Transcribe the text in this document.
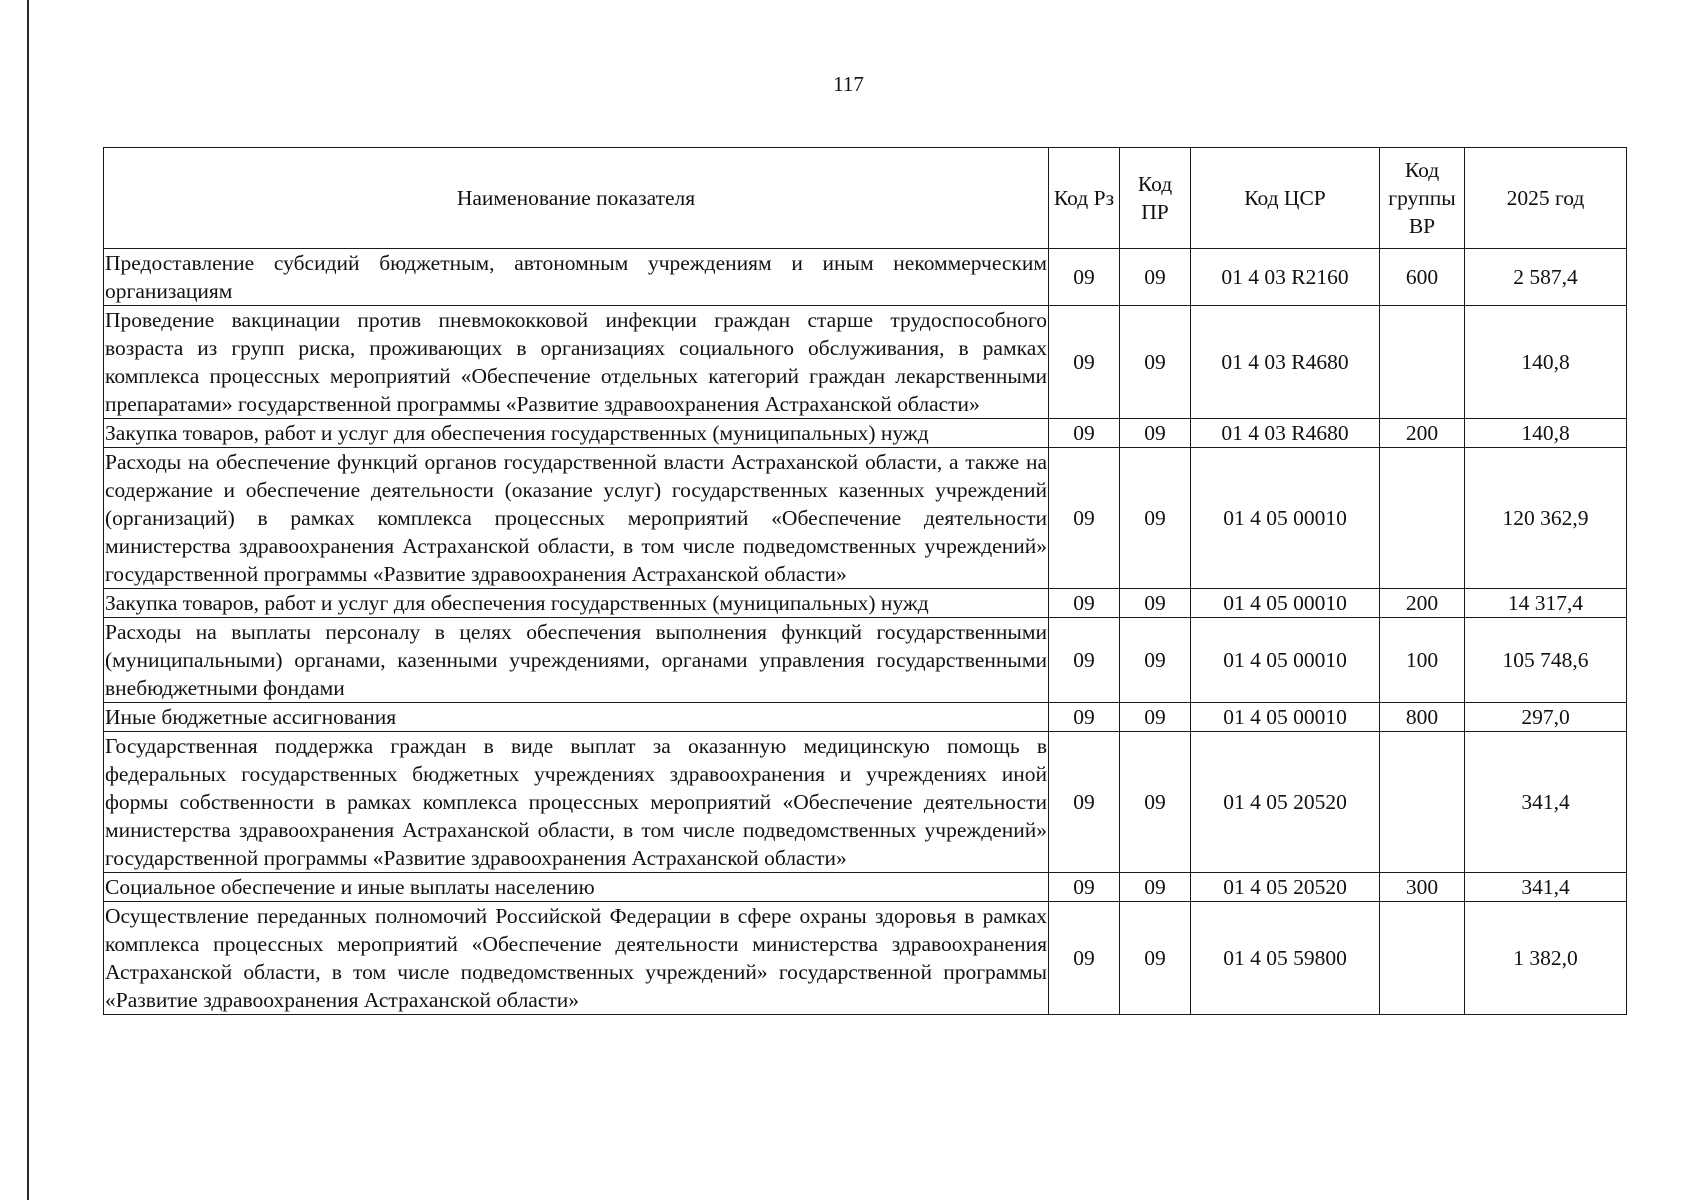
117
Наименование показателя	Код Рз	Код ПР	Код ЦСР	Код группы ВР	2025 год
Предоставление субсидий бюджетным, автономным учреждениям и иным некоммерческим организациям	09	09	01 4 03 R2160	600	2 587,4
Проведение вакцинации против пневмококковой инфекции граждан старше трудоспособного возраста из групп риска, проживающих в организациях социального обслуживания, в рамках комплекса процессных мероприятий «Обеспечение отдельных категорий граждан лекарственными препаратами» государственной программы «Развитие здравоохранения Астраханской области»	09	09	01 4 03 R4680		140,8
Закупка товаров, работ и услуг для обеспечения государственных (муниципальных) нужд	09	09	01 4 03 R4680	200	140,8
Расходы на обеспечение функций органов государственной власти Астраханской области, а также на содержание и обеспечение деятельности (оказание услуг) государственных казенных учреждений (организаций) в рамках комплекса процессных мероприятий «Обеспечение деятельности министерства здравоохранения Астраханской области, в том числе подведомственных учреждений» государственной программы «Развитие здравоохранения Астраханской области»	09	09	01 4 05 00010		120 362,9
Закупка товаров, работ и услуг для обеспечения государственных (муниципальных) нужд	09	09	01 4 05 00010	200	14 317,4
Расходы на выплаты персоналу в целях обеспечения выполнения функций государственными (муниципальными) органами, казенными учреждениями, органами управления государственными внебюджетными фондами	09	09	01 4 05 00010	100	105 748,6
Иные бюджетные ассигнования	09	09	01 4 05 00010	800	297,0
Государственная поддержка граждан в виде выплат за оказанную медицинскую помощь в федеральных государственных бюджетных учреждениях здравоохранения и учреждениях иной формы собственности в рамках комплекса процессных мероприятий «Обеспечение деятельности министерства здравоохранения Астраханской области, в том числе подведомственных учреждений» государственной программы «Развитие здравоохранения Астраханской области»	09	09	01 4 05 20520		341,4
Социальное обеспечение и иные выплаты населению	09	09	01 4 05 20520	300	341,4
Осуществление переданных полномочий Российской Федерации в сфере охраны здоровья в рамках комплекса процессных мероприятий «Обеспечение деятельности министерства здравоохранения Астраханской области, в том числе подведомственных учреждений» государственной программы «Развитие здравоохранения Астраханской области»	09	09	01 4 05 59800		1 382,0
